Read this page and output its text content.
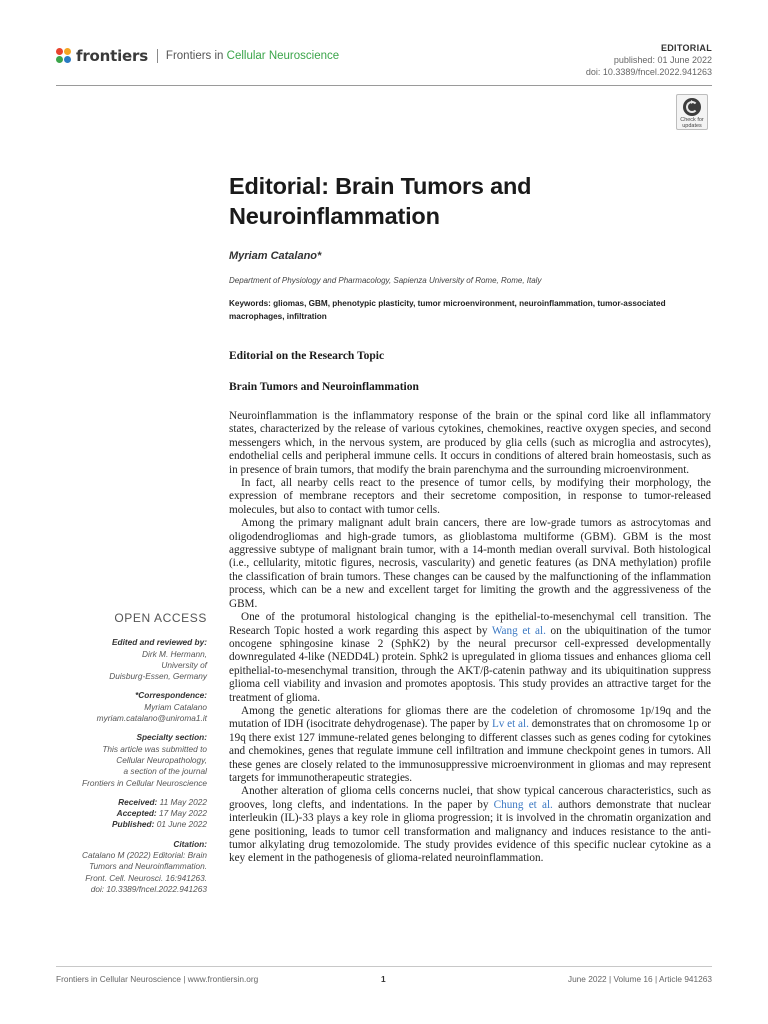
frontiers Frontiers in Cellular Neuroscience
EDITORIAL
published: 01 June 2022
doi: 10.3389/fncel.2022.941263
Check for
updates
Editorial: Brain Tumors and
Neuroinflammation
Myriam Catalano*
Department of Physiology and Pharmacology, Sapienza University of Rome, Rome, Italy
Keywords: gliomas, GBM, phenotypic plasticity, tumor microenvironment, neuroinflammation, tumor-associated macrophages, infiltration
Editorial on the Research Topic
Brain Tumors and Neuroinflammation

Neuroinflammation is the inflammatory response of the brain or the spinal cord like all inflammatory states, characterized by the release of various cytokines, chemokines, reactive oxygen species, and second messengers which, in the nervous system, are produced by glia cells (such as microglia and astrocytes), endothelial cells and peripheral immune cells. It occurs in conditions of altered brain homeostasis, such as in presence of brain tumors, that modify the brain parenchyma and the surrounding microenvironment.

In fact, all nearby cells react to the presence of tumor cells, by modifying their morphology, the expression of membrane receptors and their secretome composition, in response to tumor-released molecules, but also to contact with tumor cells.

Among the primary malignant adult brain cancers, there are low-grade tumors as astrocytomas and oligodendrogliomas and high-grade tumors, as glioblastoma multiforme (GBM). GBM is the most aggressive subtype of malignant brain tumor, with a 14-month median overall survival. Both histological (i.e., cellularity, mitotic figures, necrosis, vascularity) and genetic features (as DNA methylation) profile the classification of brain tumors. These changes can be caused by the malfunctioning of the inflammation process, which can be a new and excellent target for limiting the growth and the aggressiveness of the GBM.

One of the protumoral histological changing is the epithelial-to-mesenchymal cell transition. The Research Topic hosted a work regarding this aspect by Wang et al. on the ubiquitination of the tumor oncogene sphingosine kinase 2 (SphK2) by the neural precursor cell-expressed developmentally downregulated 4-like (NEDD4L) protein. Sphk2 is upregulated in glioma tissues and enhances glioma cell epithelial-to-mesenchymal transition, through the AKT/β-catenin pathway and its ubiquitination suppress glioma cell viability and invasion and promotes apoptosis. This study provides an attractive target for the treatment of glioma.

Among the genetic alterations for gliomas there are the codeletion of chromosome 1p/19q and the mutation of IDH (isocitrate dehydrogenase). The paper by Lv et al. demonstrates that on chromosome 1p or 19q there exist 127 immune-related genes belonging to different classes such as genes coding for cytokines and chemokines, genes that regulate immune cell infiltration and immune checkpoint genes in tumors. All these genes are closely related to the immunosuppressive microenvironment in gliomas and may represent targets for immunotherapeutic strategies.

Another alteration of glioma cells concerns nuclei, that show typical cancerous characteristics, such as grooves, long clefts, and indentations. In the paper by Chung et al. authors demonstrate that nuclear interleukin (IL)-33 plays a key role in glioma progression; it is involved in the chromatin organization and gene positioning, leads to tumor cell transformation and malignancy and induces resistance to the anti-tumor alkylating drug temozolomide. The study provides evidence of this specific nuclear cytokine as a key element in the pathogenesis of glioma-related neuroinflammation.

OPEN ACCESS
Edited and reviewed by:
Dirk M. Hermann,
University of
Duisburg-Essen, Germany
*Correspondence:
Myriam Catalano
myriam.catalano@uniroma1.it
Specialty section:
This article was submitted to
Cellular Neuropathology,
a section of the journal
Frontiers in Cellular Neuroscience
Received: 11 May 2022
Accepted: 17 May 2022
Published: 01 June 2022
Citation:
Catalano M (2022) Editorial: Brain
Tumors and Neuroinflammation.
Front. Cell. Neurosci. 16:941263.
doi: 10.3389/fncel.2022.941263
Frontiers in Cellular Neuroscience | www.frontiersin.org	1	June 2022 | Volume 16 | Article 941263
